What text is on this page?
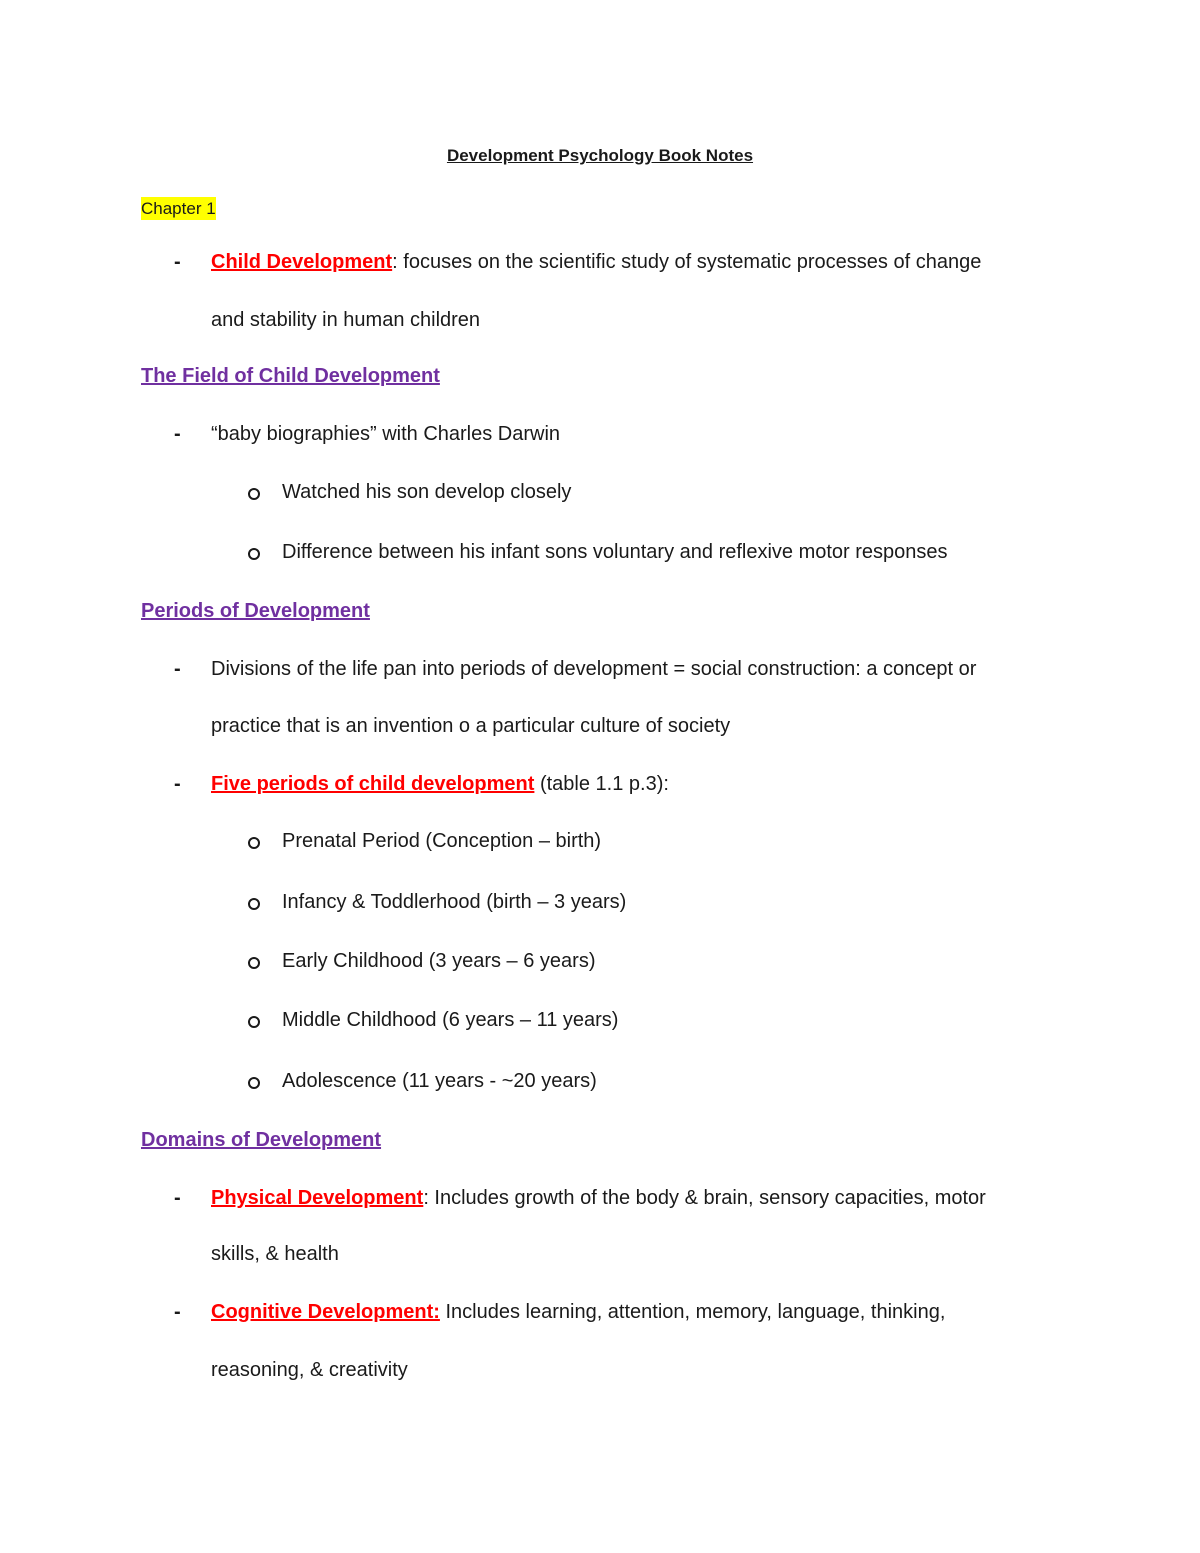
Development Psychology Book Notes
Chapter 1
- Child Development: focuses on the scientific study of systematic processes of change
and stability in human children
The Field of Child Development
- “baby biographies” with Charles Darwin
Watched his son develop closely
Difference between his infant sons voluntary and reflexive motor responses
Periods of Development
- Divisions of the life pan into periods of development = social construction: a concept or
practice that is an invention o a particular culture of society
- Five periods of child development (table 1.1 p.3):
Prenatal Period (Conception – birth)
Infancy & Toddlerhood (birth – 3 years)
Early Childhood (3 years – 6 years)
Middle Childhood (6 years – 11 years)
Adolescence (11 years - ~20 years)
Domains of Development
- Physical Development: Includes growth of the body & brain, sensory capacities, motor
skills, & health
- Cognitive Development: Includes learning, attention, memory, language, thinking,
reasoning, & creativity
